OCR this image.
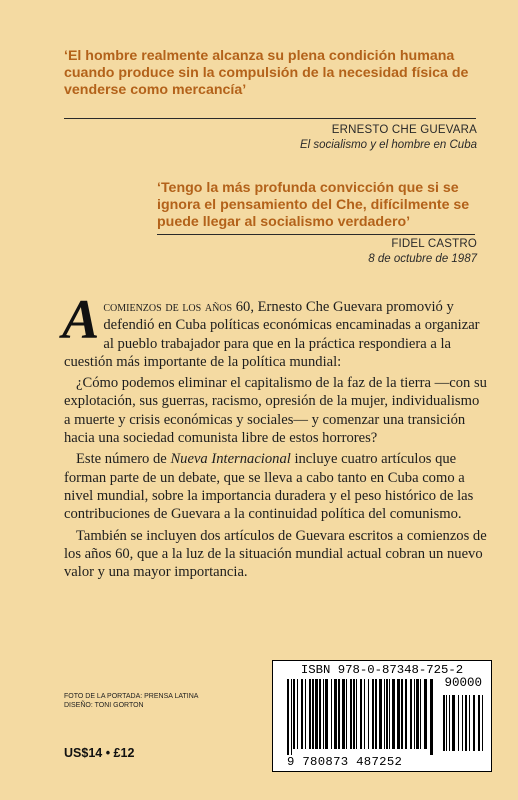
‘El hombre realmente alcanza su plena condición humana cuando produce sin la compulsión de la necesidad física de venderse como mercancía’
ERNESTO CHE GUEVARA
El socialismo y el hombre en Cuba
‘Tengo la más profunda convicción que si se ignora el pensamiento del Che, difícilmente se puede llegar al socialismo verdadero’
FIDEL CASTRO
8 de octubre de 1987

Acomienzos de los años 60, Ernesto Che Guevara promovió y defendió en Cuba políticas económicas encaminadas a organizar al pueblo trabajador para que en la práctica respondiera a la cuestión más importante de la política mundial:

¿Cómo podemos eliminar el capitalismo de la faz de la tierra —con su explotación, sus guerras, racismo, opresión de la mujer, individualismo a muerte y crisis económicas y sociales— y comenzar una transición hacia una sociedad comunista libre de estos horrores?

Este número de Nueva Internacional incluye cuatro artículos que forman parte de un debate, que se lleva a cabo tanto en Cuba como a nivel mundial, sobre la importancia duradera y el peso histórico de las contribuciones de Guevara a la continuidad política del comunismo.

También se incluyen dos artículos de Guevara escritos a comienzos de los años 60, que a la luz de la situación mundial actual cobran un nuevo valor y una mayor importancia.

FOTO DE LA PORTADA: PRENSA LATINA
DISEÑO: TONI GORTON
US$14 • £12
ISBN 978-0-87348-725-2
90000
9 780873 487252
